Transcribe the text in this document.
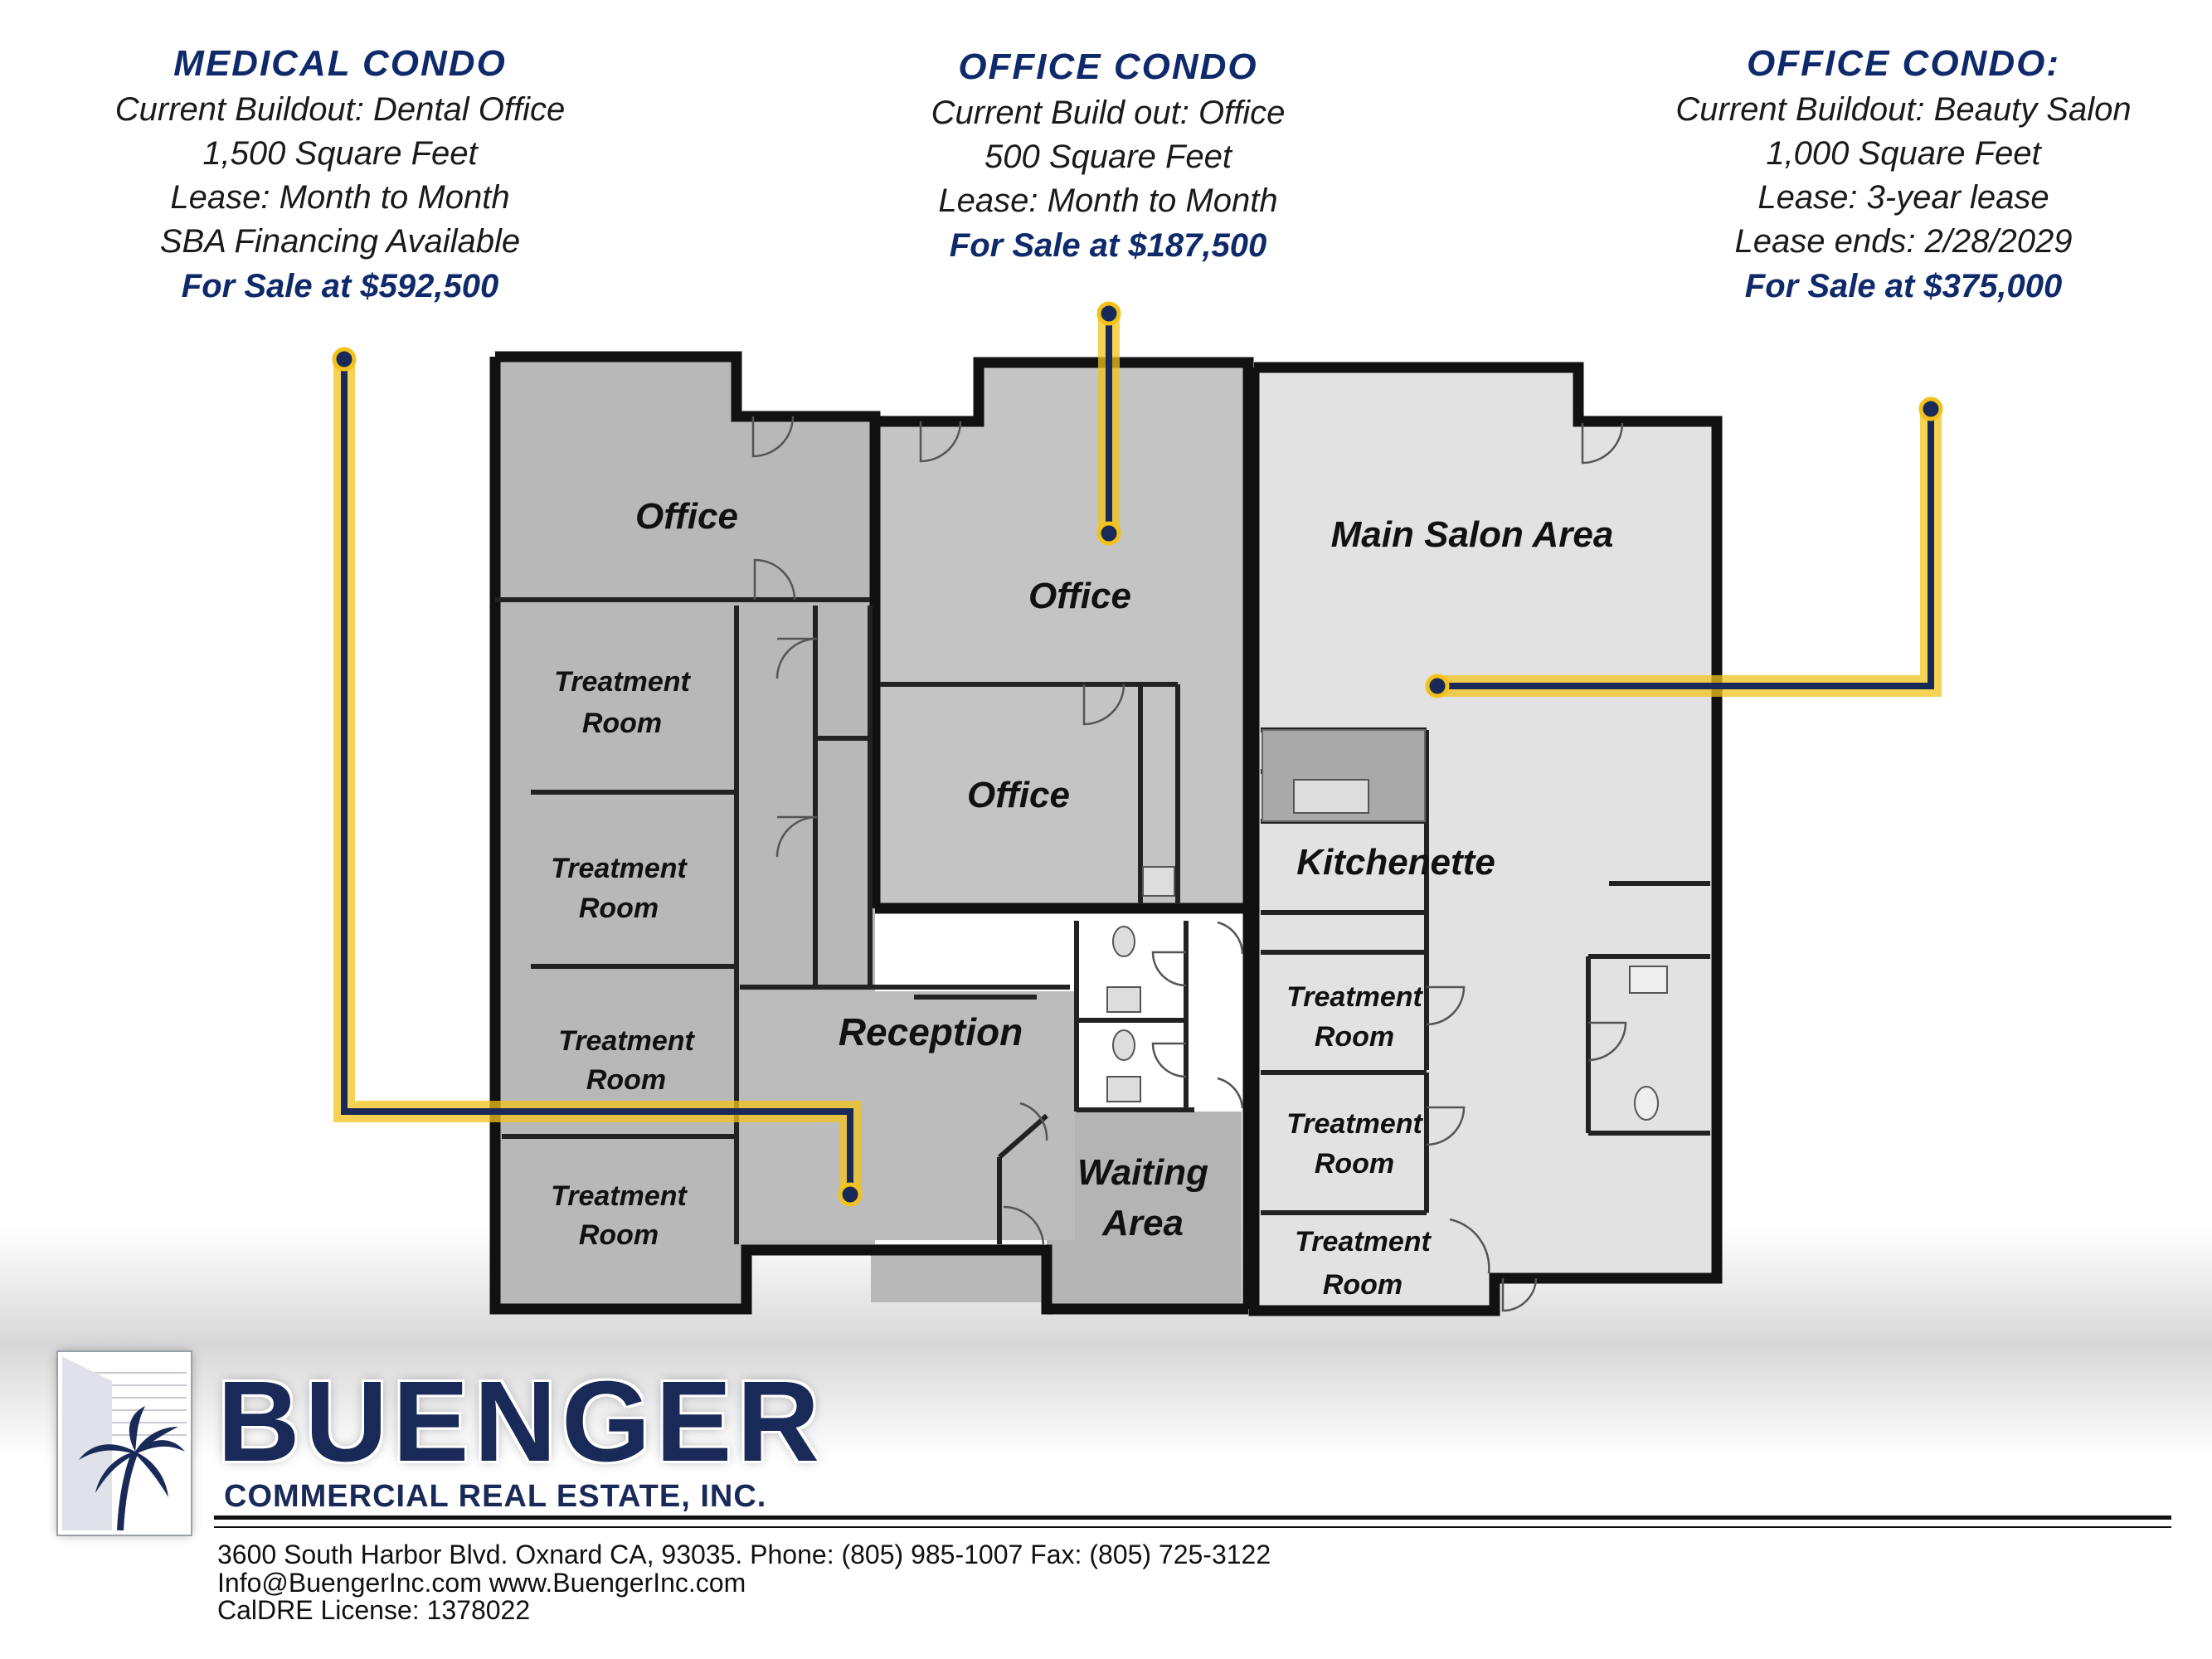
MEDICAL CONDO
Current Buildout: Dental Office
1,500 Square Feet
Lease: Month to Month
SBA Financing Available
For Sale at $592,500
OFFICE CONDO
Current Build out: Office
500 Square Feet
Lease: Month to Month
For Sale at $187,500
OFFICE CONDO:
Current Buildout: Beauty Salon
1,000 Square Feet
Lease: 3-year lease
Lease ends: 2/28/2029
For Sale at $375,000
Office
Office
Office
Treatment
Room
Treatment
Room
Treatment
Room
Treatment
Room
Reception
Waiting
Area
Main Salon Area
Kitchenette
Treatment
Room
Treatment
Room
Treatment
Room
BUENGER
COMMERCIAL REAL ESTATE, INC.
3600 South Harbor Blvd. Oxnard CA, 93035. Phone: (805) 985-1007 Fax: (805) 725-3122
Info@BuengerInc.com www.BuengerInc.com
CalDRE License: 1378022
